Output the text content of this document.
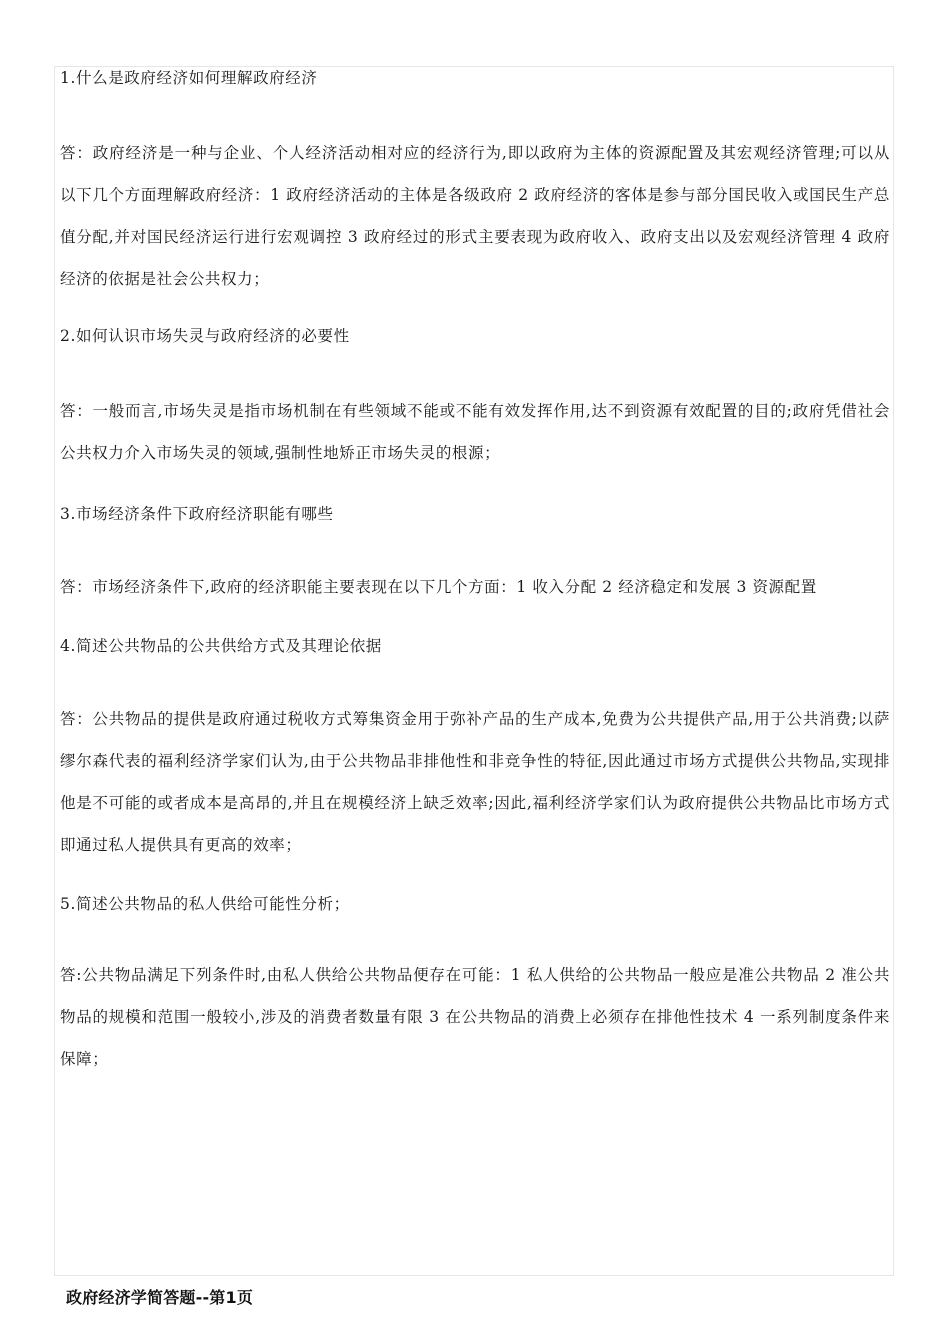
1.什么是政府经济如何理解政府经济

答：政府经济是一种与企业、个人经济活动相对应的经济行为,即以政府为主体的资源配置及其宏观经济管理;可以从以下几个方面理解政府经济：1 政府经济活动的主体是各级政府 2 政府经济的客体是参与部分国民收入或国民生产总值分配,并对国民经济运行进行宏观调控 3 政府经过的形式主要表现为政府收入、政府支出以及宏观经济管理 4 政府经济的依据是社会公共权力；

2.如何认识市场失灵与政府经济的必要性

答：一般而言,市场失灵是指市场机制在有些领域不能或不能有效发挥作用,达不到资源有效配置的目的;政府凭借社会公共权力介入市场失灵的领域,强制性地矫正市场失灵的根源；

3.市场经济条件下政府经济职能有哪些

答：市场经济条件下,政府的经济职能主要表现在以下几个方面：1 收入分配 2 经济稳定和发展 3 资源配置

4.简述公共物品的公共供给方式及其理论依据

答：公共物品的提供是政府通过税收方式筹集资金用于弥补产品的生产成本,免费为公共提供产品,用于公共消费;以萨缪尔森代表的福利经济学家们认为,由于公共物品非排他性和非竞争性的特征,因此通过市场方式提供公共物品,实现排他是不可能的或者成本是高昂的,并且在规模经济上缺乏效率;因此,福利经济学家们认为政府提供公共物品比市场方式即通过私人提供具有更高的效率；

5.简述公共物品的私人供给可能性分析；

答:公共物品满足下列条件时,由私人供给公共物品便存在可能：1 私人供给的公共物品一般应是准公共物品 2 准公共物品的规模和范围一般较小,涉及的消费者数量有限 3 在公共物品的消费上必须存在排他性技术 4 一系列制度条件来保障；

政府经济学简答题--第1页
